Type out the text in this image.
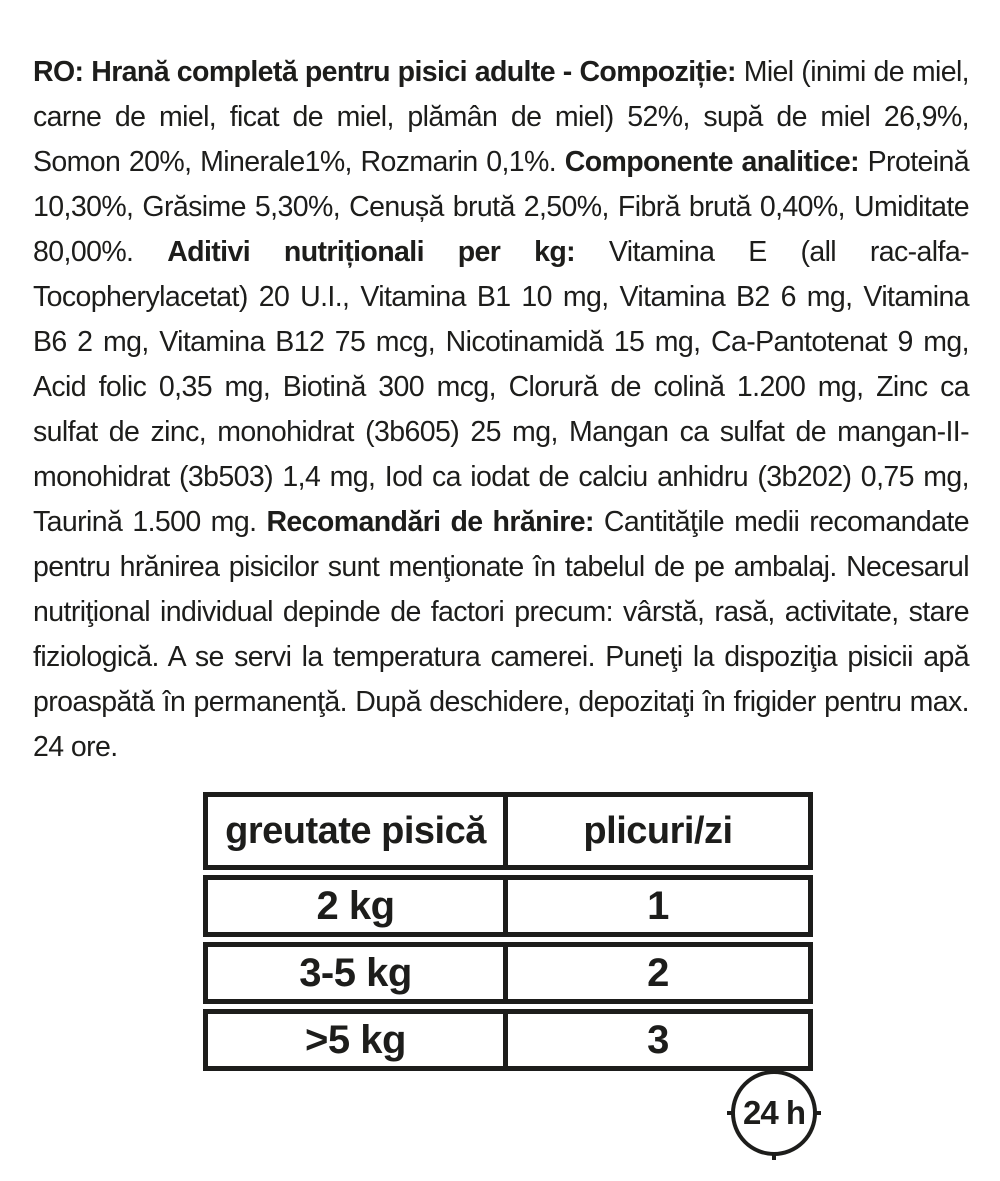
RO: Hrană completă pentru pisici adulte - Compoziție: Miel (inimi de miel, carne de miel, ficat de miel, plămân de miel) 52%, supă de miel 26,9%, Somon 20%, Minerale1%, Rozmarin 0,1%. Componente analitice: Proteină 10,30%, Grăsime 5,30%, Cenușă brută 2,50%, Fibră brută 0,40%, Umiditate 80,00%. Aditivi nutriționali per kg: Vitamina E (all rac-alfa-Tocopherylacetat) 20 U.I., Vitamina B1 10 mg, Vitamina B2 6 mg, Vitamina B6 2 mg, Vitamina B12 75 mcg, Nicotinamidă 15 mg, Ca-Pantotenat 9 mg, Acid folic 0,35 mg, Biotină 300 mcg, Clorură de colină 1.200 mg, Zinc ca sulfat de zinc, monohidrat (3b605) 25 mg, Mangan ca sulfat de mangan-II-monohidrat (3b503) 1,4 mg, Iod ca iodat de calciu anhidru (3b202) 0,75 mg, Taurină 1.500 mg. Recomandări de hrănire: Cantităţile medii recomandate pentru hrănirea pisicilor sunt menţionate în tabelul de pe ambalaj. Necesarul nutriţional individual depinde de factori precum: vârstă, rasă, activitate, stare fiziologică. A se servi la temperatura camerei. Puneţi la dispoziţia pisicii apă proaspătă în permanenţă. După deschidere, depozitaţi în frigider pentru max. 24 ore.

greutate pisică	plicuri/zi
2 kg	1
3-5 kg	2
>5 kg	3
24 h
